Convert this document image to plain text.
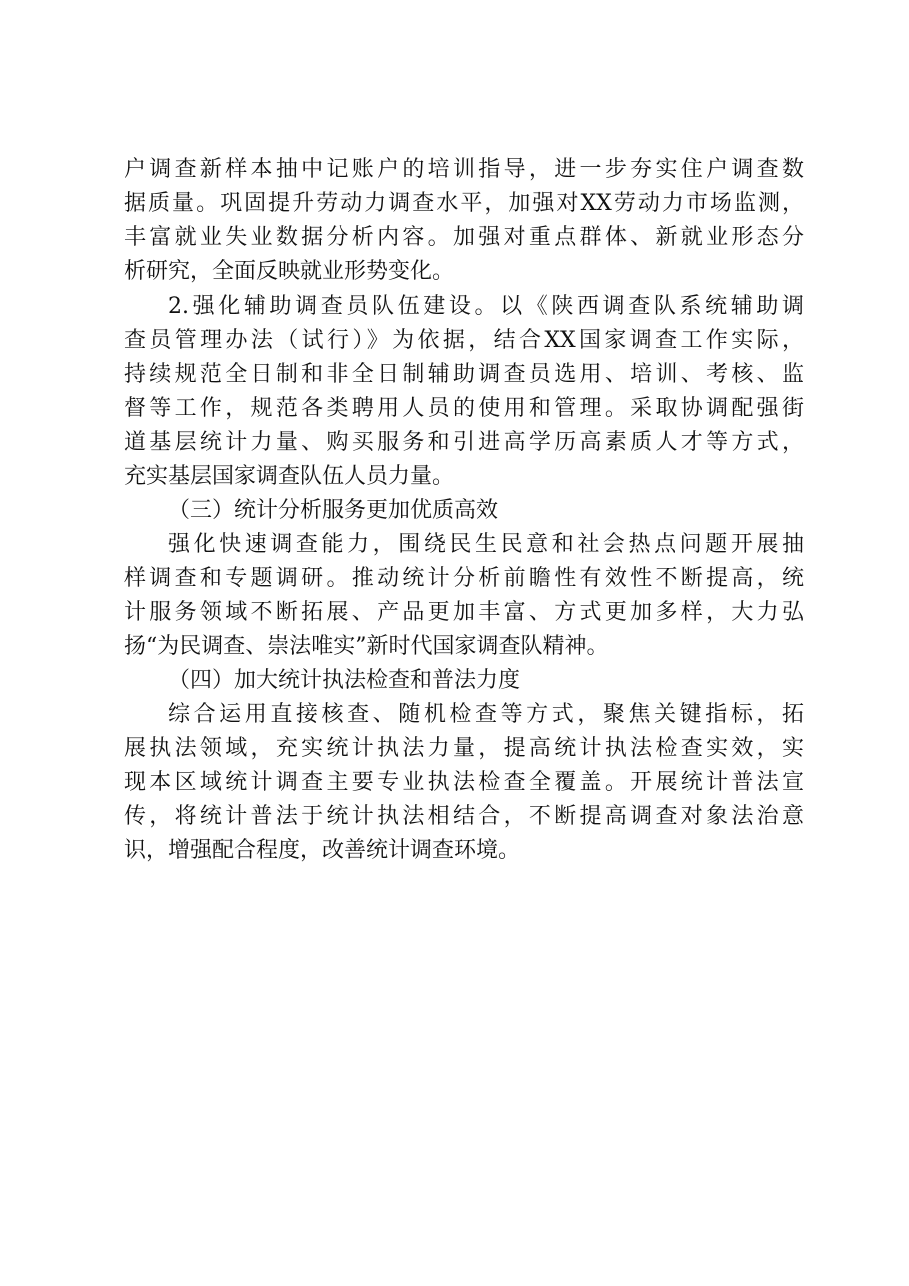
户调查新样本抽中记账户的培训指导，进一步夯实住户调查数
据质量。巩固提升劳动力调查水平，加强对XX劳动力市场监测，
丰富就业失业数据分析内容。加强对重点群体、新就业形态分
析研究，全面反映就业形势变化。
2.强化辅助调查员队伍建设。以《陕西调查队系统辅助调
查员管理办法（试行）》为依据，结合XX国家调查工作实际，
持续规范全日制和非全日制辅助调查员选用、培训、考核、监
督等工作，规范各类聘用人员的使用和管理。采取协调配强街
道基层统计力量、购买服务和引进高学历高素质人才等方式，
充实基层国家调查队伍人员力量。
（三）统计分析服务更加优质高效
强化快速调查能力，围绕民生民意和社会热点问题开展抽
样调查和专题调研。推动统计分析前瞻性有效性不断提高，统
计服务领域不断拓展、产品更加丰富、方式更加多样，大力弘
扬“为民调查、崇法唯实”新时代国家调查队精神。
（四）加大统计执法检查和普法力度
综合运用直接核查、随机检查等方式，聚焦关键指标，拓
展执法领域，充实统计执法力量，提高统计执法检查实效，实
现本区域统计调查主要专业执法检查全覆盖。开展统计普法宣
传，将统计普法于统计执法相结合，不断提高调查对象法治意
识，增强配合程度，改善统计调查环境。
